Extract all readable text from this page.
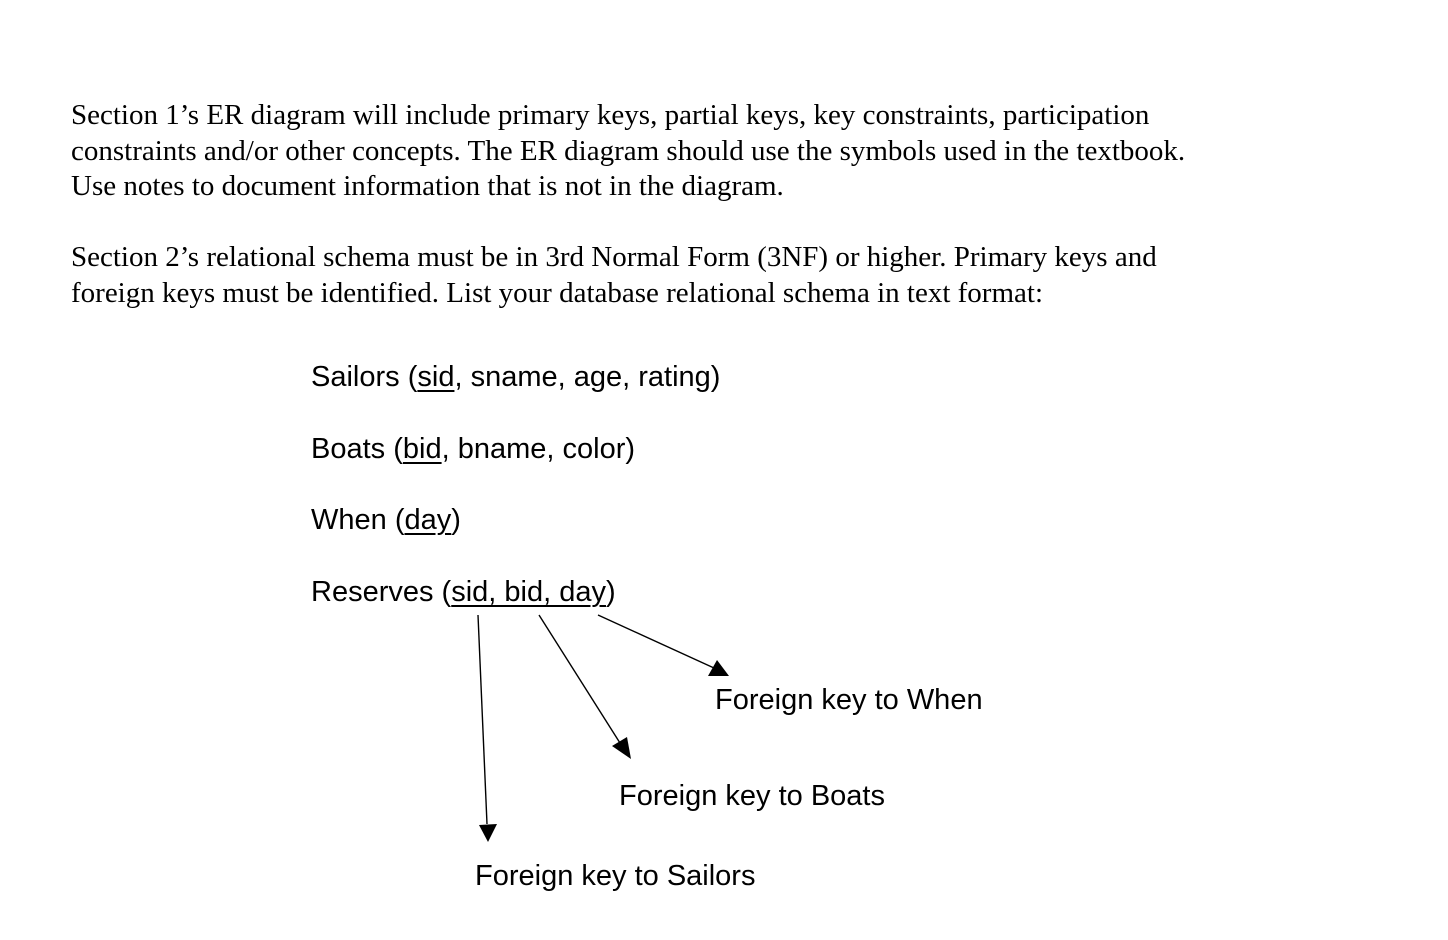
Section 1’s ER diagram will include primary keys, partial keys, key constraints, participation
constraints and/or other concepts. The ER diagram should use the symbols used in the textbook.
Use notes to document information that is not in the diagram.
Section 2’s relational schema must be in 3rd Normal Form (3NF) or higher. Primary keys and
foreign keys must be identified. List your database relational schema in text format:
Sailors (sid, sname, age, rating)
Boats (bid, bname, color)
When (day)
Reserves (sid, bid, day)
Foreign key to When
Foreign key to Boats
Foreign key to Sailors
